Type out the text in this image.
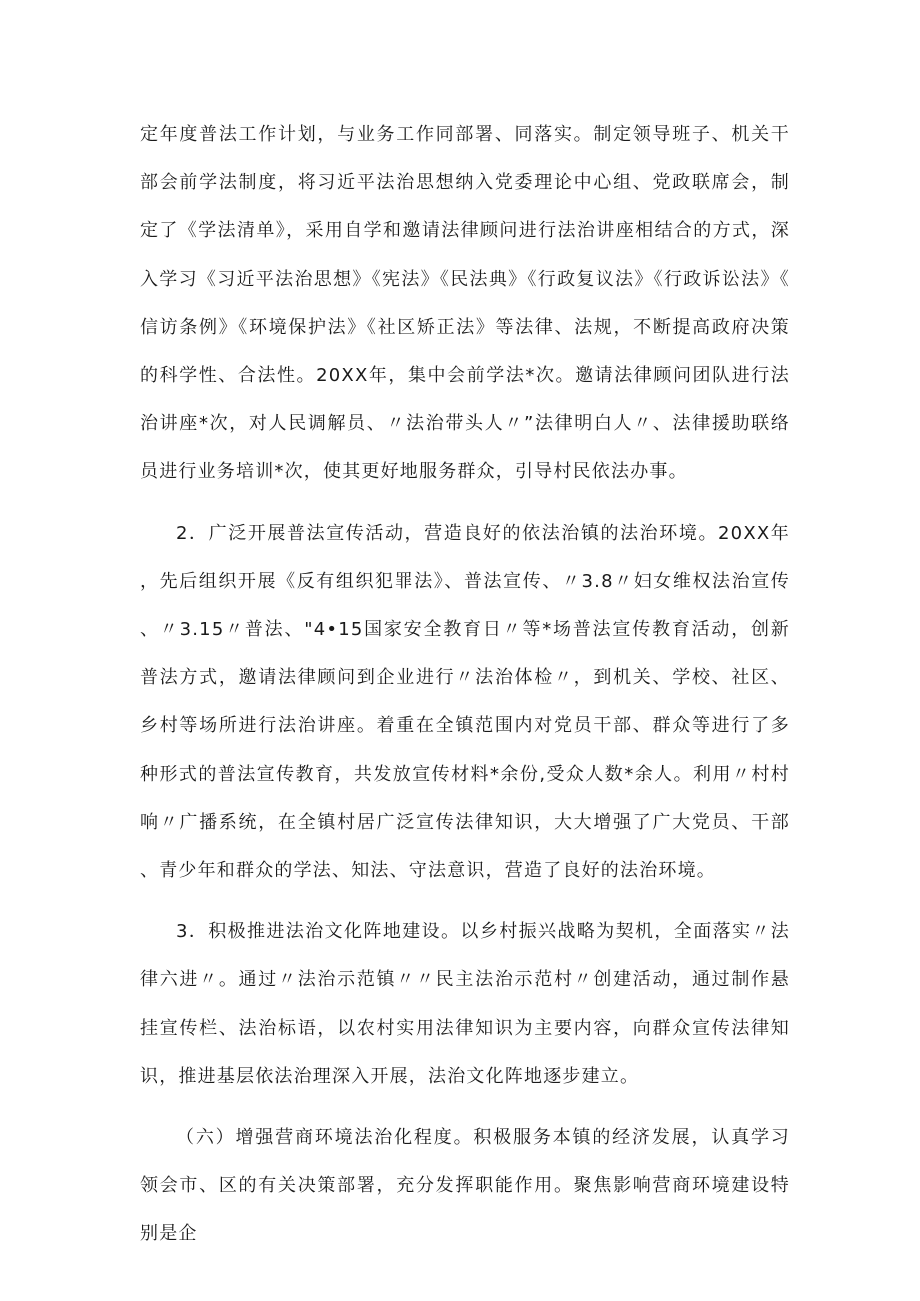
定年度普法工作计划，与业务工作同部署、同落实。制定领导班子、机关干部会前学法制度，将习近平法治思想纳入党委理论中心组、党政联席会，制定了《学法清单》，采用自学和邀请法律顾问进行法治讲座相结合的方式，深入学习《习近平法治思想》《宪法》《民法典》《行政复议法》《行政诉讼法》《信访条例》《环境保护法》《社区矫正法》等法律、法规，不断提高政府决策的科学性、合法性。20XX年，集中会前学法*次。邀请法律顾问团队进行法治讲座*次，对人民调解员、〃法治带头人〃”法律明白人〃、法律援助联络员进行业务培训*次，使其更好地服务群众，引导村民依法办事。

2．广泛开展普法宣传活动，营造良好的依法治镇的法治环境。20XX年，先后组织开展《反有组织犯罪法》、普法宣传、〃3.8〃妇女维权法治宣传、〃3.15〃普法、"4•15国家安全教育日〃等*场普法宣传教育活动，创新普法方式，邀请法律顾问到企业进行〃法治体检〃，到机关、学校、社区、乡村等场所进行法治讲座。着重在全镇范围内对党员干部、群众等进行了多种形式的普法宣传教育，共发放宣传材料*余份,受众人数*余人。利用〃村村响〃广播系统，在全镇村居广泛宣传法律知识，大大增强了广大党员、干部、青少年和群众的学法、知法、守法意识，营造了良好的法治环境。

3．积极推进法治文化阵地建设。以乡村振兴战略为契机，全面落实〃法律六进〃。通过〃法治示范镇〃〃民主法治示范村〃创建活动，通过制作悬挂宣传栏、法治标语，以农村实用法律知识为主要内容，向群众宣传法律知识，推进基层依法治理深入开展，法治文化阵地逐步建立。

（六）增强营商环境法治化程度。积极服务本镇的经济发展，认真学习领会市、区的有关决策部署，充分发挥职能作用。聚焦影响营商环境建设特别是企
